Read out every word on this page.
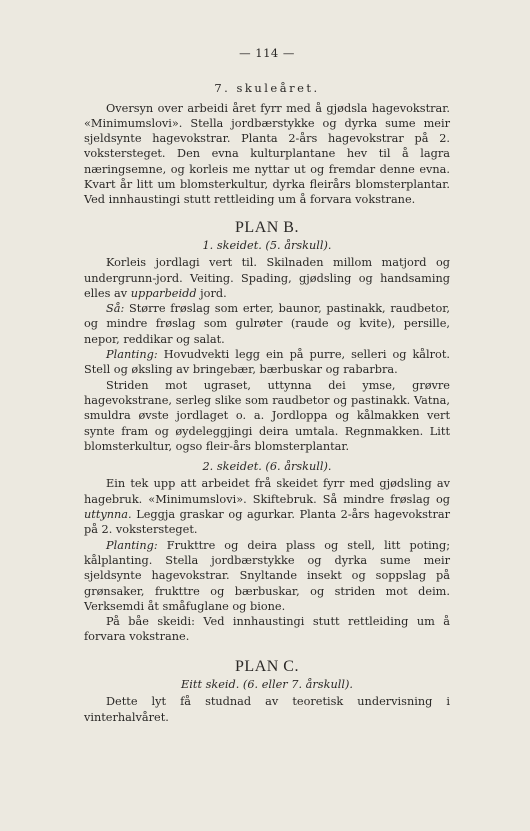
— 114 —
7. skuleåret.

Oversyn over arbeidi året fyrr med å gjødsla hagevokstrar. «Minimumslovi». Stella jordbærstykke og dyrka sume meir sjeldsynte hagevokstrar. Planta 2-års hagevokstrar på 2. vokstersteget. Den evna kulturplantane hev til å lagra næringsemne, og korleis me nyttar ut og fremdar denne evna. Kvart år litt um blomsterkultur, dyrka fleirårs blomsterplantar. Ved innhaustingi stutt rettleiding um å forvara vokstrane.

PLAN B.
1. skeidet. (5. årskull).

Korleis jordlagi vert til. Skilnaden millom matjord og undergrunn-jord. Veiting. Spading, gjødsling og handsaming elles av upparbeidd jord.

Så: Større frøslag som erter, baunor, pastinakk, raudbetor, og mindre frøslag som gulrøter (raude og kvite), persille, nepor, reddikar og salat.

Planting: Hovudvekti legg ein på purre, selleri og kålrot. Stell og øksling av bringebær, bærbuskar og rabarbra.

Striden mot ugraset, uttynna dei ymse, grøvre hagevokstrane, serleg slike som raudbetor og pastinakk. Vatna, smuldra øvste jordlaget o. a. Jordloppa og kålmakken vert synte fram og øydeleggjingi deira umtala. Regnmakken. Litt blomsterkultur, ogso fleir-års blomsterplantar.

2. skeidet. (6. årskull).

Ein tek upp att arbeidet frå skeidet fyrr med gjødsling av hagebruk. «Minimumslovi». Skiftebruk. Så mindre frøslag og uttynna. Leggja graskar og agurkar. Planta 2-års hagevokstrar på 2. vokstersteget.

Planting: Frukttre og deira plass og stell, litt poting; kålplanting. Stella jordbærstykke og dyrka sume meir sjeldsynte hagevokstrar. Snyltande insekt og soppslag på grønsaker, frukttre og bærbuskar, og striden mot deim. Verksemdi åt småfuglane og bione.

På båe skeidi: Ved innhaustingi stutt rettleiding um å forvara vokstrane.

PLAN C.
Eitt skeid. (6. eller 7. årskull).

Dette lyt få studnad av teoretisk undervisning i vinterhalvåret.
